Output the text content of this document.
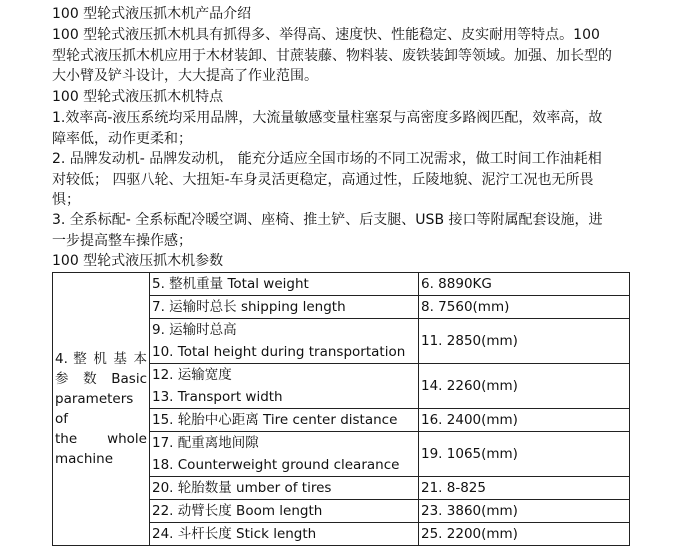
100 型轮式液压抓木机产品介绍
100 型轮式液压抓木机具有抓得多、举得高、速度快、性能稳定、皮实耐用等特点。100 型轮式液压抓木机应用于木材装卸、甘蔗装藤、物料装、废铁装卸等领域。加强、加长型的大小臂及铲斗设计，大大提高了作业范围。
100 型轮式液压抓木机特点
1.效率高-液压系统均采用品牌，大流量敏感变量柱塞泵与高密度多路阀匹配，效率高，故障率低，动作更柔和；
2. 品牌发动机- 品牌发动机， 能充分适应全国市场的不同工况需求，做工时间工作油耗相对较低； 四驱八轮、大扭矩-车身灵活更稳定，高通过性，丘陵地貌、泥泞工况也无所畏惧；
3. 全系标配- 全系标配冷暖空调、座椅、推土铲、后支腿、USB 接口等附属配套设施，进一步提高整车操作感；
100 型轮式液压抓木机参数
4. 整 机 基 本
参 数 Basic
parameters of
the whole
machine	5. 整机重量 Total weight	6. 8890KG

	7. 运输时总长 shipping length	8. 7560(mm)

	9. 运输时总高
10. Total height during transportation	11. 2850(mm)

	12. 运输宽度
13. Transport width	14. 2260(mm)

	15. 轮胎中心距离 Tire center distance	16. 2400(mm)

	17. 配重离地间隙
18. Counterweight ground clearance	19. 1065(mm)

	20. 轮胎数量 umber of tires	21. 8-825

	22. 动臂长度 Boom length	23. 3860(mm)

	24. 斗杆长度 Stick length	25. 2200(mm)
